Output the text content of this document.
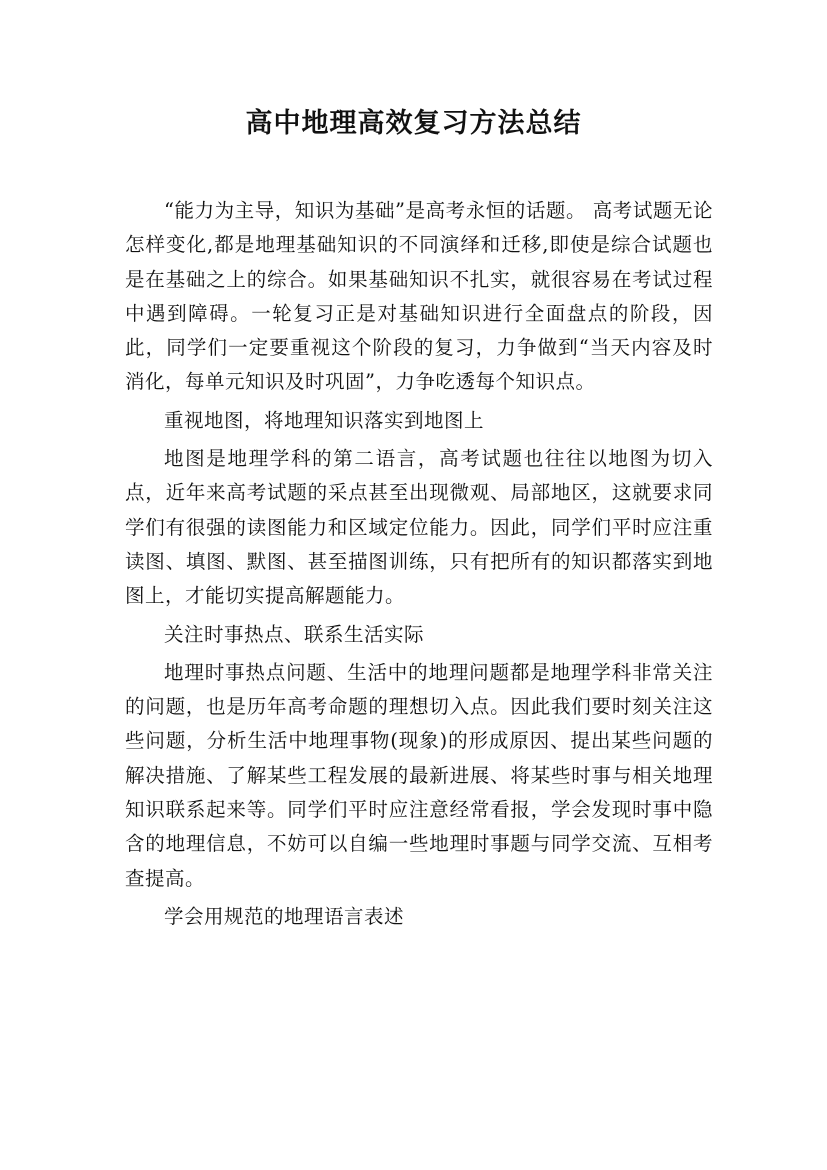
高中地理高效复习方法总结

“能力为主导，知识为基础”是高考永恒的话题。 高考试题无论怎样变化,都是地理基础知识的不同演绎和迁移,即使是综合试题也是在基础之上的综合。如果基础知识不扎实，就很容易在考试过程中遇到障碍。一轮复习正是对基础知识进行全面盘点的阶段，因此，同学们一定要重视这个阶段的复习，力争做到“当天内容及时消化，每单元知识及时巩固”，力争吃透每个知识点。

重视地图，将地理知识落实到地图上

地图是地理学科的第二语言，高考试题也往往以地图为切入点，近年来高考试题的采点甚至出现微观、局部地区，这就要求同学们有很强的读图能力和区域定位能力。因此，同学们平时应注重读图、填图、默图、甚至描图训练，只有把所有的知识都落实到地图上，才能切实提高解题能力。

关注时事热点、联系生活实际

地理时事热点问题、生活中的地理问题都是地理学科非常关注的问题，也是历年高考命题的理想切入点。因此我们要时刻关注这些问题，分析生活中地理事物(现象)的形成原因、提出某些问题的解决措施、了解某些工程发展的最新进展、将某些时事与相关地理知识联系起来等。同学们平时应注意经常看报，学会发现时事中隐含的地理信息，不妨可以自编一些地理时事题与同学交流、互相考查提高。

学会用规范的地理语言表述
